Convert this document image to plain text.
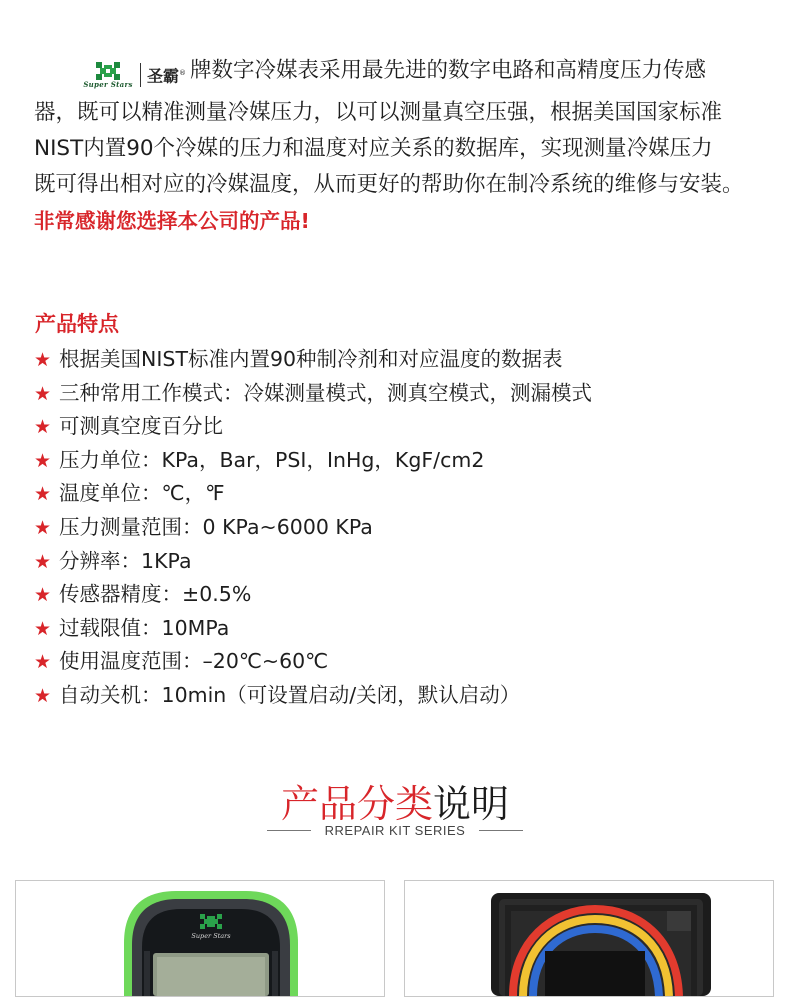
Super Stars 圣霸® 牌数字冷媒表采用最先进的数字电路和高精度压力传感

器，既可以精准测量冷媒压力，以可以测量真空压强，根据美国国家标准

NIST内置90个冷媒的压力和温度对应关系的数据库，实现测量冷媒压力

既可得出相对应的冷媒温度，从而更好的帮助你在制冷系统的维修与安装。

非常感谢您选择本公司的产品!

产品特点
★ 根据美国NIST标准内置90种制冷剂和对应温度的数据表
★ 三种常用工作模式：冷媒测量模式，测真空模式，测漏模式
★ 可测真空度百分比
★ 压力单位：KPa，Bar，PSI，InHg，KgF/cm2
★ 温度单位：℃，℉
★ 压力测量范围：0 KPa~6000 KPa
★ 分辨率：1KPa
★ 传感器精度：±0.5%
★ 过载限值：10MPa
★ 使用温度范围：–20℃~60℃
★ 自动关机：10min（可设置启动/关闭，默认启动）
产品分类说明
RREPAIR KIT SERIES
Super Stars
